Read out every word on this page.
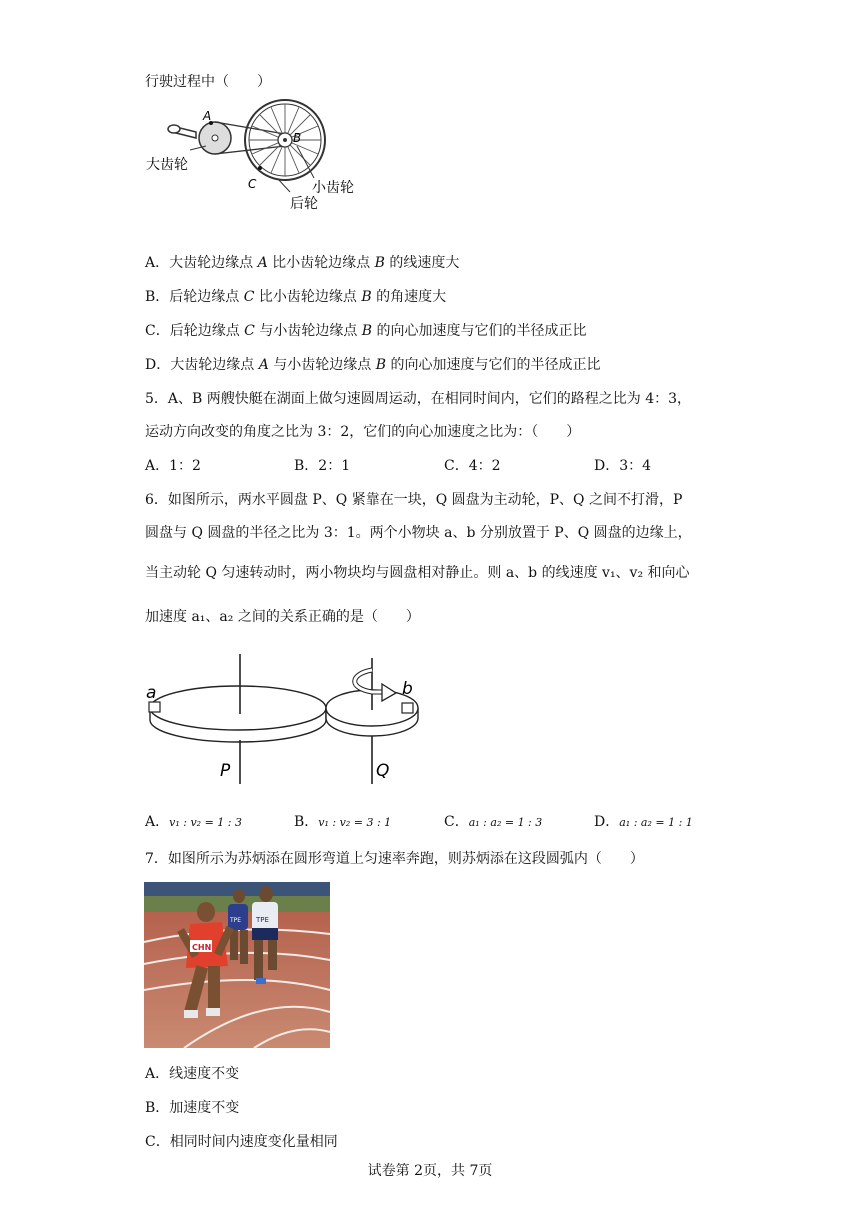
行驶过程中（　　）
A
B
C
大齿轮
小齿轮
后轮
A．大齿轮边缘点 A 比小齿轮边缘点 B 的线速度大
B．后轮边缘点 C 比小齿轮边缘点 B 的角速度大
C．后轮边缘点 C 与小齿轮边缘点 B 的向心加速度与它们的半径成正比
D．大齿轮边缘点 A 与小齿轮边缘点 B 的向心加速度与它们的半径成正比
5．A、B 两艘快艇在湖面上做匀速圆周运动，在相同时间内，它们的路程之比为 4：3，
运动方向改变的角度之比为 3：2，它们的向心加速度之比为：（　　）
A．1：2	B．2：1	C．4：2	D．3：4
6．如图所示，两水平圆盘 P、Q 紧靠在一块，Q 圆盘为主动轮，P、Q 之间不打滑，P
圆盘与 Q 圆盘的半径之比为 3：1。两个小物块 a、b 分别放置于 P、Q 圆盘的边缘上，
当主动轮 Q 匀速转动时，两小物块均与圆盘相对静止。则 a、b 的线速度 v₁、v₂ 和向心
加速度 a₁、a₂ 之间的关系正确的是（　　）
a	b
P	Q
A．v₁ : v₂ = 1 : 3	B．v₁ : v₂ = 3 : 1	C．a₁ : a₂ = 1 : 3	D．a₁ : a₂ = 1 : 1
7．如图所示为苏炳添在圆形弯道上匀速率奔跑，则苏炳添在这段圆弧内（　　）
TPE
TPE
CHN
A．线速度不变
B．加速度不变
C．相同时间内速度变化量相同
试卷第 2页，共 7页
